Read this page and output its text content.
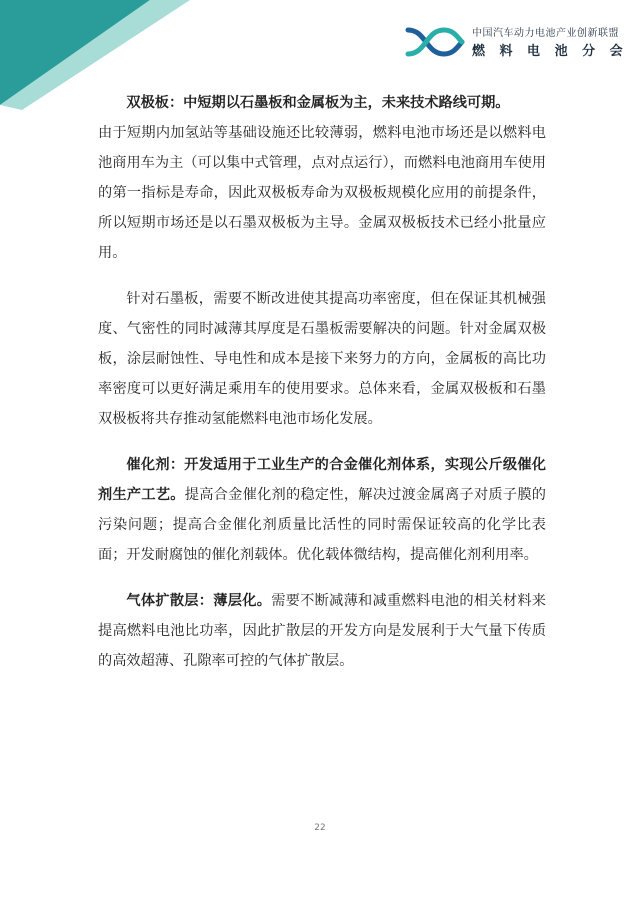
中国汽车动力电池产业创新联盟
燃 料 电 池 分 会

双极板：中短期以石墨板和金属板为主，未来技术路线可期。

由于短期内加氢站等基础设施还比较薄弱，燃料电池市场还是以燃料电池商用车为主（可以集中式管理，点对点运行），而燃料电池商用车使用的第一指标是寿命，因此双极板寿命为双极板规模化应用的前提条件，所以短期市场还是以石墨双极板为主导。金属双极板技术已经小批量应用。

针对石墨板，需要不断改进使其提高功率密度，但在保证其机械强度、气密性的同时减薄其厚度是石墨板需要解决的问题。针对金属双极板，涂层耐蚀性、导电性和成本是接下来努力的方向，金属板的高比功率密度可以更好满足乘用车的使用要求。总体来看，金属双极板和石墨双极板将共存推动氢能燃料电池市场化发展。

催化剂：开发适用于工业生产的合金催化剂体系，实现公斤级催化剂生产工艺。提高合金催化剂的稳定性，解决过渡金属离子对质子膜的污染问题；提高合金催化剂质量比活性的同时需保证较高的化学比表面；开发耐腐蚀的催化剂载体。优化载体微结构，提高催化剂利用率。

气体扩散层：薄层化。需要不断减薄和减重燃料电池的相关材料来提高燃料电池比功率，因此扩散层的开发方向是发展利于大气量下传质的高效超薄、孔隙率可控的气体扩散层。

22
